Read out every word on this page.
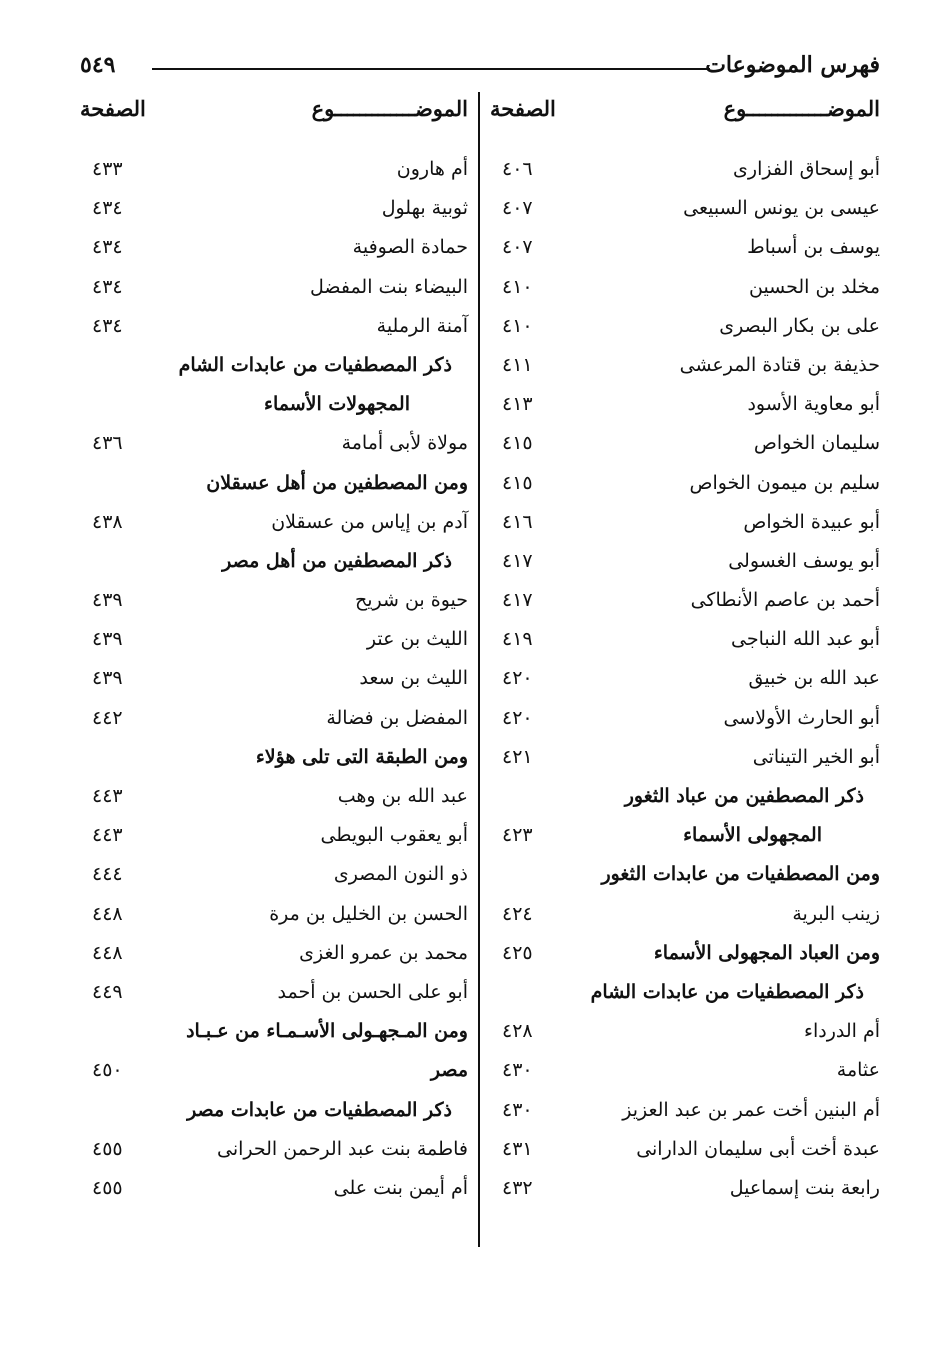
فهرس الموضوعات
٥٤٩
الموضـــــــــــــوع
الصفحة
أبو إسحاق الفزارى
٤٠٦
عيسى بن يونس السبيعى
٤٠٧
يوسف بن أسباط
٤٠٧
مخلد بن الحسين
٤١٠
على بن بكار البصرى
٤١٠
حذيفة بن قتادة المرعشى
٤١١
أبو معاوية الأسود
٤١٣
سليمان الخواص
٤١٥
سليم بن ميمون الخواص
٤١٥
أبو عبيدة الخواص
٤١٦
أبو يوسف الغسولى
٤١٧
أحمد بن عاصم الأنطاكى
٤١٧
أبو عبد الله النباجى
٤١٩
عبد الله بن خبيق
٤٢٠
أبو الحارث الأولاسى
٤٢٠
أبو الخير التيناتى
٤٢١
ذكر المصطفين من عباد الثغور
المجهولى الأسماء
٤٢٣
ومن المصطفيات من عابدات الثغور
زينب البرية
٤٢٤
ومن العباد المجهولى الأسماء
٤٢٥
ذكر المصطفيات من عابدات الشام
أم الدرداء
٤٢٨
عثامة
٤٣٠
أم البنين أخت عمر بن عبد العزيز
٤٣٠
عبدة أخت أبى سليمان الدارانى
٤٣١
رابعة بنت إسماعيل
٤٣٢
الموضـــــــــــــوع
الصفحة
أم هارون
٤٣٣
ثوبية بهلول
٤٣٤
حمادة الصوفية
٤٣٤
البيضاء بنت المفضل
٤٣٤
آمنة الرملية
٤٣٤
ذكر المصطفيات من عابدات الشام
المجهولات الأسماء
مولاة لأبى أمامة
٤٣٦
ومن المصطفين من أهل عسقلان
آدم بن إياس من عسقلان
٤٣٨
ذكر المصطفين من أهل مصر
حيوة بن شريح
٤٣٩
الليث بن عتر
٤٣٩
الليث بن سعد
٤٣٩
المفضل بن فضالة
٤٤٢
ومن الطبقة التى تلى هؤلاء
عبد الله بن وهب
٤٤٣
أبو يعقوب البويطى
٤٤٣
ذو النون المصرى
٤٤٤
الحسن بن الخليل بن مرة
٤٤٨
محمد بن عمرو الغزى
٤٤٨
أبو على الحسن بن أحمد
٤٤٩
ومن المـجهـولى الأسـمـاء من عـبـاد
مصر
٤٥٠
ذكر المصطفيات من عابدات مصر
فاطمة بنت عبد الرحمن الحرانى
٤٥٥
أم أيمن بنت على
٤٥٥
